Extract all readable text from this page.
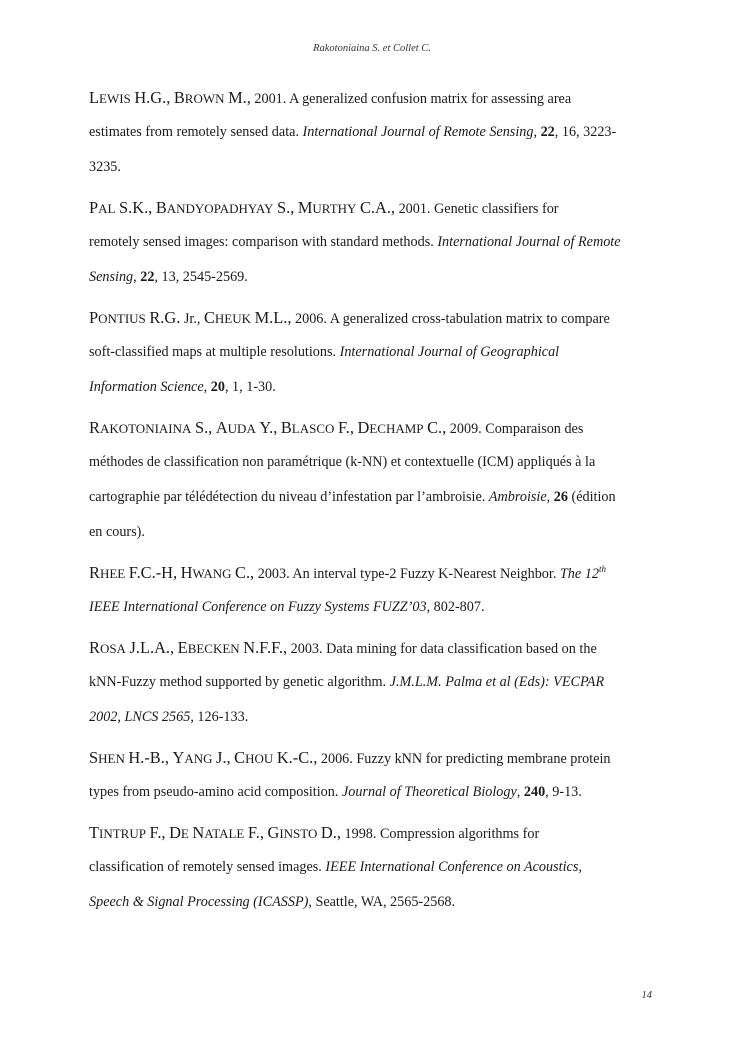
Rakotoniaina S. et Collet C.
LEWIS H.G., BROWN M., 2001. A generalized confusion matrix for assessing area
estimates from remotely sensed data. International Journal of Remote Sensing, 22, 16, 3223-
3235.
PAL S.K., BANDYOPADHYAY S., MURTHY C.A., 2001. Genetic classifiers for
remotely sensed images: comparison with standard methods. International Journal of Remote
Sensing, 22, 13, 2545-2569.
PONTIUS R.G. Jr., CHEUK M.L., 2006. A generalized cross-tabulation matrix to compare
soft-classified maps at multiple resolutions. International Journal of Geographical
Information Science, 20, 1, 1-30.
RAKOTONIAINA S., AUDA Y., BLASCO F., DECHAMP C., 2009. Comparaison des
méthodes de classification non paramétrique (k-NN) et contextuelle (ICM) appliqués à la
cartographie par télédétection du niveau d’infestation par l’ambroisie. Ambroisie, 26 (édition
en cours).
RHEE F.C.-H, HWANG C., 2003. An interval type-2 Fuzzy K-Nearest Neighbor. The 12th
IEEE International Conference on Fuzzy Systems FUZZ’03, 802-807.
ROSA J.L.A., EBECKEN N.F.F., 2003. Data mining for data classification based on the
kNN-Fuzzy method supported by genetic algorithm. J.M.L.M. Palma et al (Eds): VECPAR
2002, LNCS 2565, 126-133.
SHEN H.-B., YANG J., CHOU K.-C., 2006. Fuzzy kNN for predicting membrane protein
types from pseudo-amino acid composition. Journal of Theoretical Biology, 240, 9-13.
TINTRUP F., DE NATALE F., GINSTO D., 1998. Compression algorithms for
classification of remotely sensed images. IEEE International Conference on Acoustics,
Speech & Signal Processing (ICASSP), Seattle, WA, 2565-2568.
14
